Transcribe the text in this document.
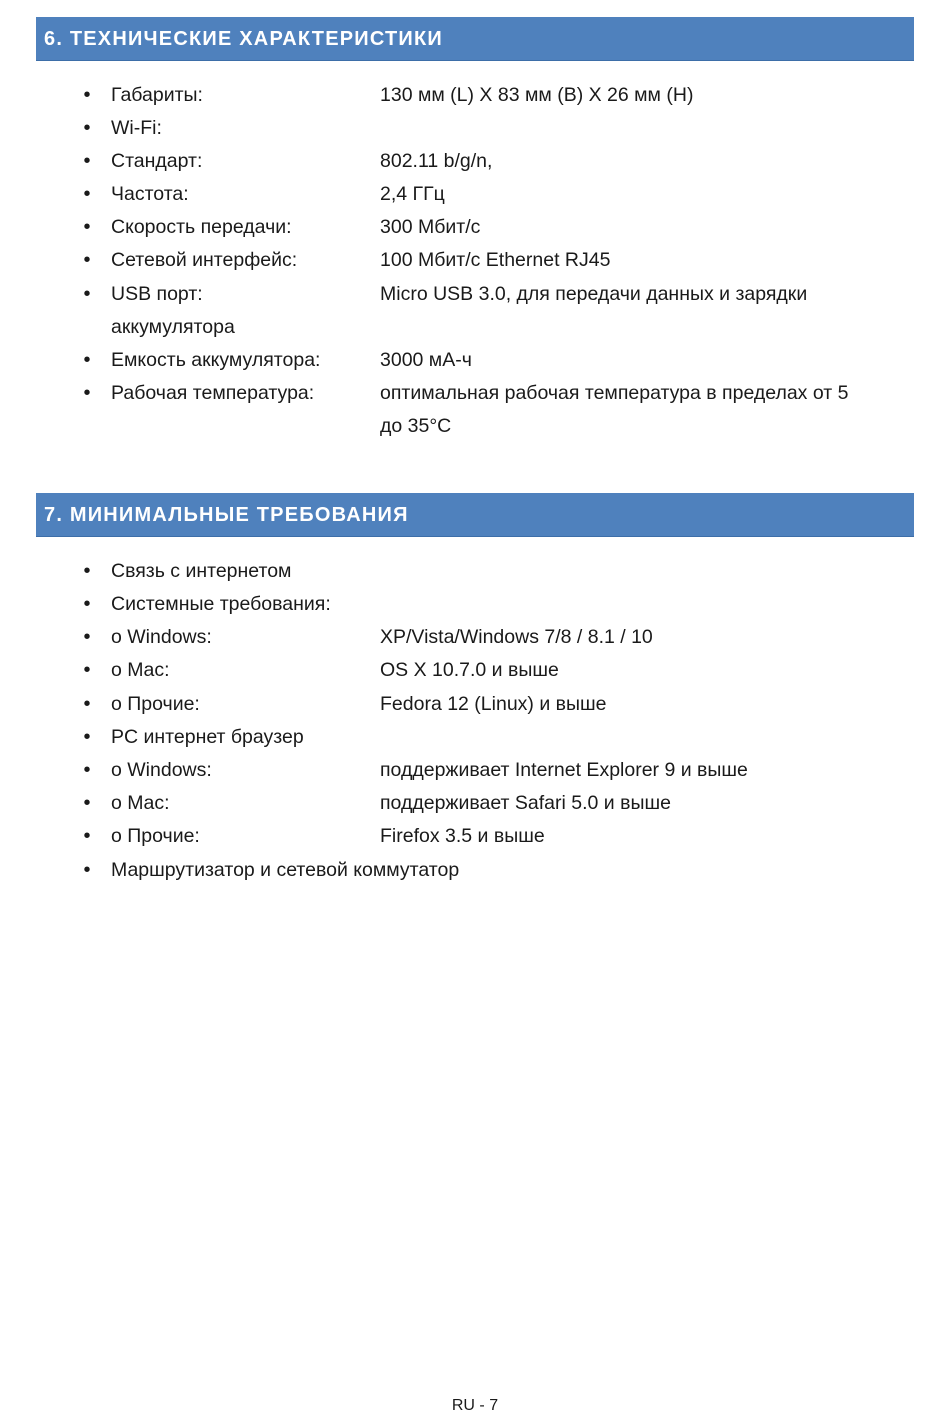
6. ТЕХНИЧЕСКИЕ ХАРАКТЕРИСТИКИ
• Габариты:	130 мм (L) X 83 мм (B) X 26 мм (H)
• Wi-Fi:
• Стандарт:	802.11 b/g/n,
• Частота:	2,4 ГГц
• Скорость передачи:	300 Мбит/с
• Сетевой интерфейс:	100 Мбит/с Ethernet RJ45
• USB порт:	Micro USB 3.0, для передачи данных и зарядки
аккумулятора
• Емкость аккумулятора:	3000 мА-ч
• Рабочая температура:	оптимальная рабочая температура в пределах от 5
до 35°C
7. МИНИМАЛЬНЫЕ ТРЕБОВАНИЯ
• Связь с интернетом
• Системные требования:
• o Windows:	XP/Vista/Windows 7/8 / 8.1 / 10
• o Mac:	OS X 10.7.0 и выше
• o Прочие:	Fedora 12 (Linux) и выше
• PC интернет браузер
• o Windows:	поддерживает Internet Explorer 9 и выше
• o Mac:	поддерживает Safari 5.0 и выше
• o Прочие:	Firefox 3.5 и выше
• Маршрутизатор и сетевой коммутатор
RU - 7
